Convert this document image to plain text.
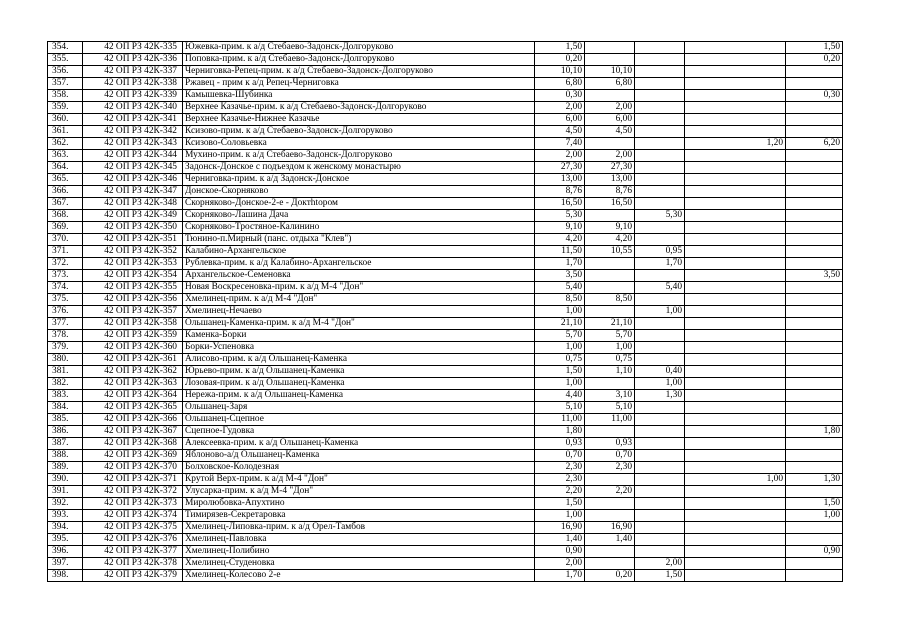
354.	42 ОП РЗ 42К-335	Южевка-прим. к а/д Стебаево-Задонск-Долгоруково	1,50				1,50
355.	42 ОП РЗ 42К-336	Поповка-прим. к а/д Стебаево-Задонск-Долгоруково	0,20				0,20
356.	42 ОП РЗ 42К-337	Черниговка-Репец-прим. к а/д Стебаево-Задонск-Долгоруково	10,10	10,10			
357.	42 ОП РЗ 42К-338	Ржавец - прим к а/д Репец-Черниговка	6,80	6,80			
358.	42 ОП РЗ 42К-339	Камышевка-Шубинка	0,30				0,30
359.	42 ОП РЗ 42К-340	Верхнее Казачье-прим. к а/д Стебаево-Задонск-Долгоруково	2,00	2,00			
360.	42 ОП РЗ 42К-341	Верхнее Казачье-Нижнее Казачье	6,00	6,00			
361.	42 ОП РЗ 42К-342	Ксизово-прим. к а/д Стебаево-Задонск-Долгоруково	4,50	4,50			
362.	42 ОП РЗ 42К-343	Ксизово-Соловьевка	7,40			1,20	6,20
363.	42 ОП РЗ 42К-344	Мухино-прим. к а/д Стебаево-Задонск-Долгоруково	2,00	2,00			
364.	42 ОП РЗ 42К-345	Задонск-Донское с подъездом к женскому монастырю	27,30	27,30			
365.	42 ОП РЗ 42К-346	Черниговка-прим. к а/д Задонск-Донское	13,00	13,00			
366.	42 ОП РЗ 42К-347	Донское-Скорняково	8,76	8,76			
367.	42 ОП РЗ 42К-348	Скорняково-Донское-2-е - Доктhtором	16,50	16,50			
368.	42 ОП РЗ 42К-349	Скорняково-Лашина Дача	5,30		5,30		
369.	42 ОП РЗ 42К-350	Скорняково-Тростяное-Калинино	9,10	9,10			
370.	42 ОП РЗ 42К-351	Тюнино-п.Мирный (панс. отдыха "Клев")	4,20	4,20			
371.	42 ОП РЗ 42К-352	Калабино-Архангельское	11,50	10,55	0,95		
372.	42 ОП РЗ 42К-353	Рублевка-прим. к а/д Калабино-Архангельское	1,70		1,70		
373.	42 ОП РЗ 42К-354	Архангельское-Семеновка	3,50				3,50
374.	42 ОП РЗ 42К-355	Новая Воскресеновка-прим. к а/д М-4 "Дон"	5,40		5,40		
375.	42 ОП РЗ 42К-356	Хмелинец-прим. к а/д М-4 "Дон"	8,50	8,50			
376.	42 ОП РЗ 42К-357	Хмелинец-Нечаево	1,00		1,00		
377.	42 ОП РЗ 42К-358	Ольшанец-Каменка-прим. к а/д М-4 "Дон"	21,10	21,10			
378.	42 ОП РЗ 42К-359	Каменка-Борки	5,70	5,70			
379.	42 ОП РЗ 42К-360	Борки-Успеновка	1,00	1,00			
380.	42 ОП РЗ 42К-361	Алисово-прим. к а/д Ольшанец-Каменка	0,75	0,75			
381.	42 ОП РЗ 42К-362	Юрьево-прим. к а/д Ольшанец-Каменка	1,50	1,10	0,40		
382.	42 ОП РЗ 42К-363	Лозовая-прим. к а/д Ольшанец-Каменка	1,00		1,00		
383.	42 ОП РЗ 42К-364	Нережа-прим. к а/д Ольшанец-Каменка	4,40	3,10	1,30		
384.	42 ОП РЗ 42К-365	Ольшанец-Заря	5,10	5,10			
385.	42 ОП РЗ 42К-366	Ольшанец-Сцепное	11,00	11,00			
386.	42 ОП РЗ 42К-367	Сцепное-Гудовка	1,80				1,80
387.	42 ОП РЗ 42К-368	Алексеевка-прим. к а/д Ольшанец-Каменка	0,93	0,93			
388.	42 ОП РЗ 42К-369	Яблоново-а/д Ольшанец-Каменка	0,70	0,70			
389.	42 ОП РЗ 42К-370	Болховское-Колодезная	2,30	2,30			
390.	42 ОП РЗ 42К-371	Крутой Верх-прим. к а/д М-4 "Дон"	2,30			1,00	1,30
391.	42 ОП РЗ 42К-372	Улусарка-прим. к а/д М-4 "Дон"	2,20	2,20			
392.	42 ОП РЗ 42К-373	Миролюбовка-Апухтино	1,50				1,50
393.	42 ОП РЗ 42К-374	Тимирязев-Секретаровка	1,00				1,00
394.	42 ОП РЗ 42К-375	Хмелинец-Липовка-прим. к а/д Орел-Тамбов	16,90	16,90			
395.	42 ОП РЗ 42К-376	Хмелинец-Павловка	1,40	1,40			
396.	42 ОП РЗ 42К-377	Хмелинец-Полибино	0,90				0,90
397.	42 ОП РЗ 42К-378	Хмелинец-Студеновка	2,00		2,00		
398.	42 ОП РЗ 42К-379	Хмелинец-Колесово 2-е	1,70	0,20	1,50		
